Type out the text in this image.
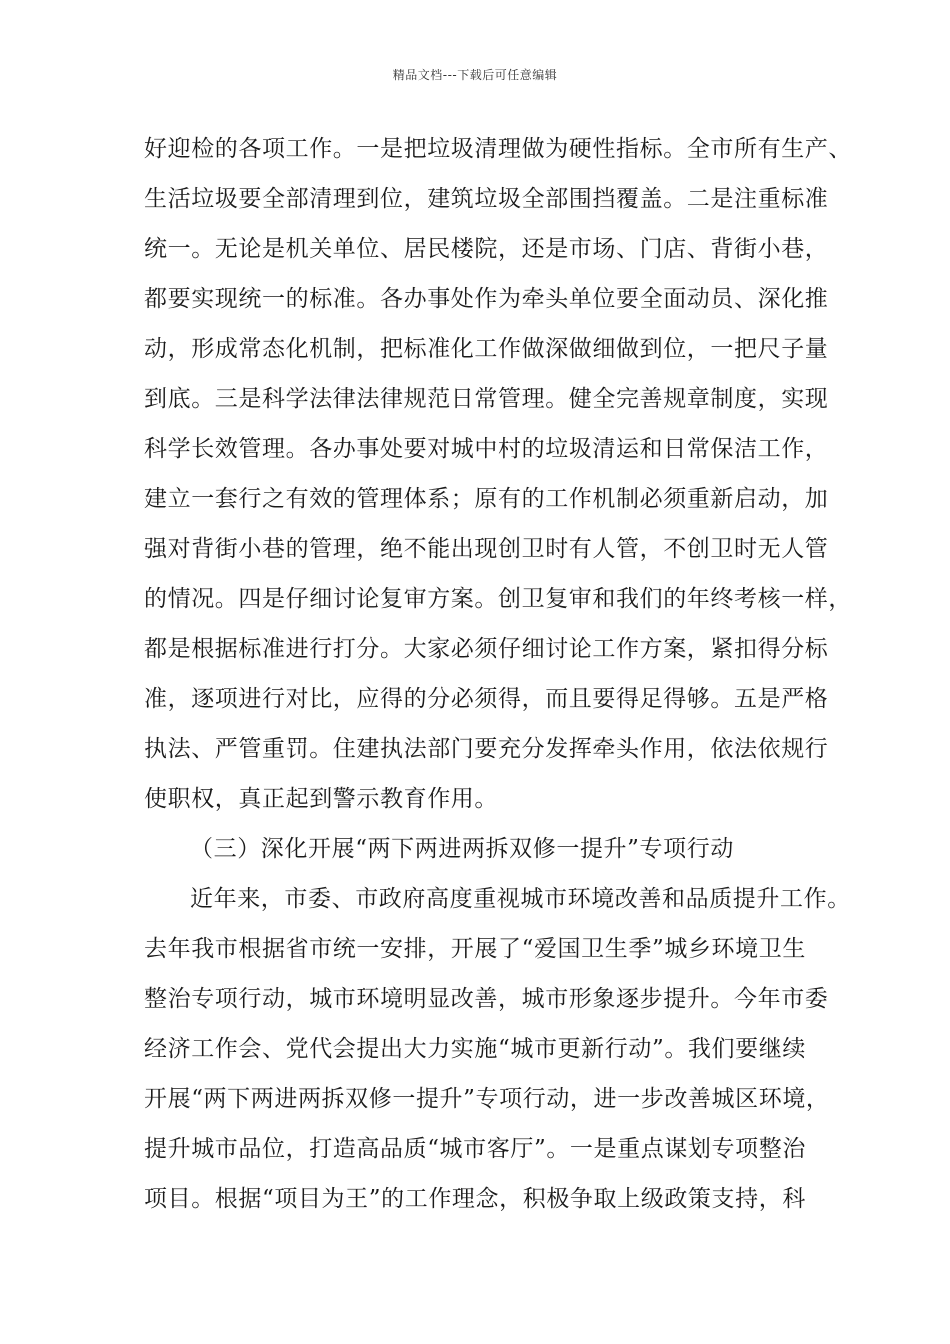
精品文档---下载后可任意编辑
好迎检的各项工作。一是把垃圾清理做为硬性指标。全市所有生产、
生活垃圾要全部清理到位，建筑垃圾全部围挡覆盖。二是注重标准
统一。无论是机关单位、居民楼院，还是市场、门店、背街小巷，
都要实现统一的标准。各办事处作为牵头单位要全面动员、深化推
动，形成常态化机制，把标准化工作做深做细做到位，一把尺子量
到底。三是科学法律法律规范日常管理。健全完善规章制度，实现
科学长效管理。各办事处要对城中村的垃圾清运和日常保洁工作，
建立一套行之有效的管理体系；原有的工作机制必须重新启动，加
强对背街小巷的管理，绝不能出现创卫时有人管，不创卫时无人管
的情况。四是仔细讨论复审方案。创卫复审和我们的年终考核一样，
都是根据标准进行打分。大家必须仔细讨论工作方案，紧扣得分标
准，逐项进行对比，应得的分必须得，而且要得足得够。五是严格
执法、严管重罚。住建执法部门要充分发挥牵头作用，依法依规行
使职权，真正起到警示教育作用。
（三）深化开展“两下两进两拆双修一提升”专项行动
近年来，市委、市政府高度重视城市环境改善和品质提升工作。
去年我市根据省市统一安排，开展了“爱国卫生季”城乡环境卫生
整治专项行动，城市环境明显改善，城市形象逐步提升。今年市委
经济工作会、党代会提出大力实施“城市更新行动”。我们要继续
开展“两下两进两拆双修一提升”专项行动，进一步改善城区环境，
提升城市品位，打造高品质“城市客厅”。一是重点谋划专项整治
项目。根据“项目为王”的工作理念，积极争取上级政策支持，科
